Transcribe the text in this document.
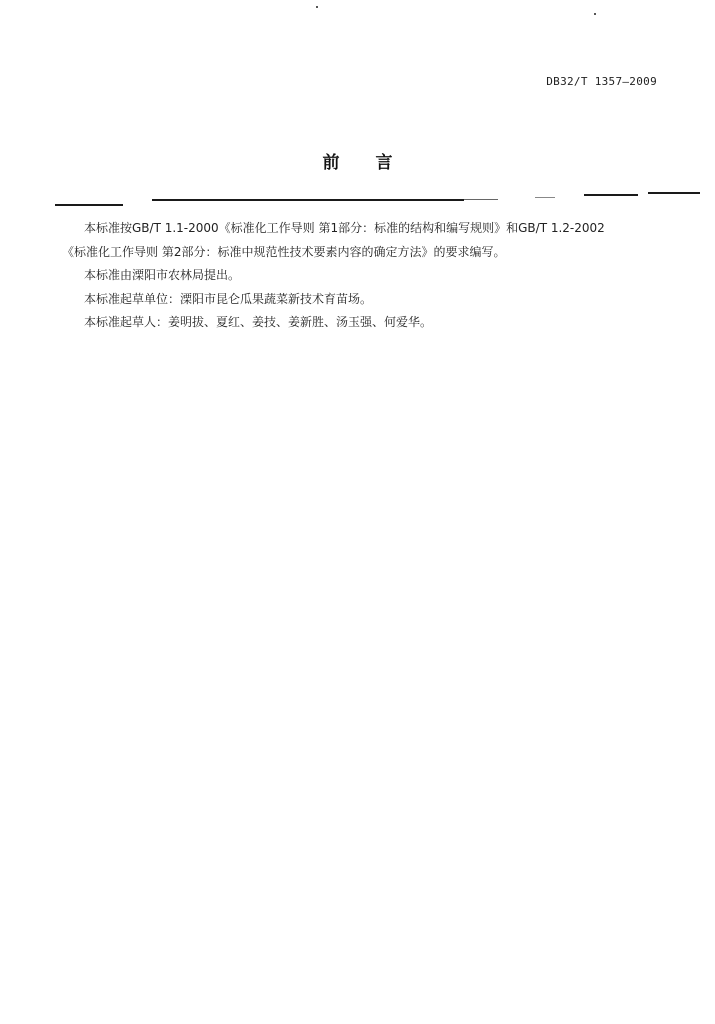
DB32/T 1357—2009
前言

本标准按GB/T 1.1-2000《标准化工作导则 第1部分：标准的结构和编写规则》和GB/T 1.2-2002

《标准化工作导则 第2部分：标准中规范性技术要素内容的确定方法》的要求编写。

本标准由溧阳市农林局提出。

本标准起草单位：溧阳市昆仑瓜果蔬菜新技术育苗场。

本标准起草人：姜明拔、夏红、姜技、姜新胜、汤玉强、何爱华。
